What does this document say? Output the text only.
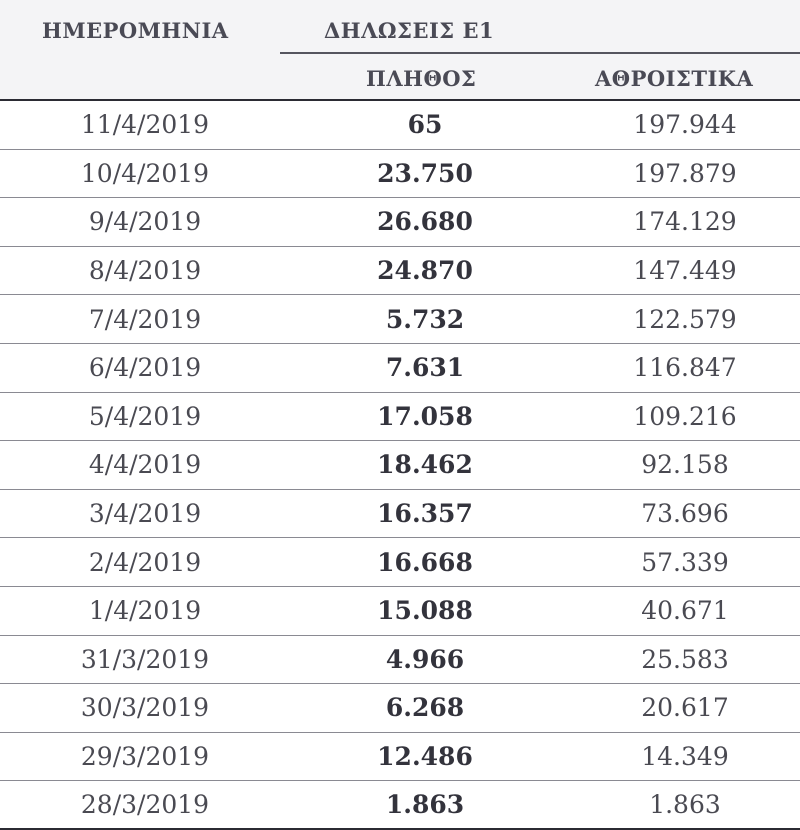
ΗΜΕΡΟΜΗΝΙΑ	ΔΗΛΩΣΕΙΣ Ε1
ΠΛΗΘΟΣ	ΑΘΡΟΙΣΤΙΚΑ
11/4/2019	65	197.944
10/4/2019	23.750	197.879
9/4/2019	26.680	174.129
8/4/2019	24.870	147.449
7/4/2019	5.732	122.579
6/4/2019	7.631	116.847
5/4/2019	17.058	109.216
4/4/2019	18.462	92.158
3/4/2019	16.357	73.696
2/4/2019	16.668	57.339
1/4/2019	15.088	40.671
31/3/2019	4.966	25.583
30/3/2019	6.268	20.617
29/3/2019	12.486	14.349
28/3/2019	1.863	1.863
